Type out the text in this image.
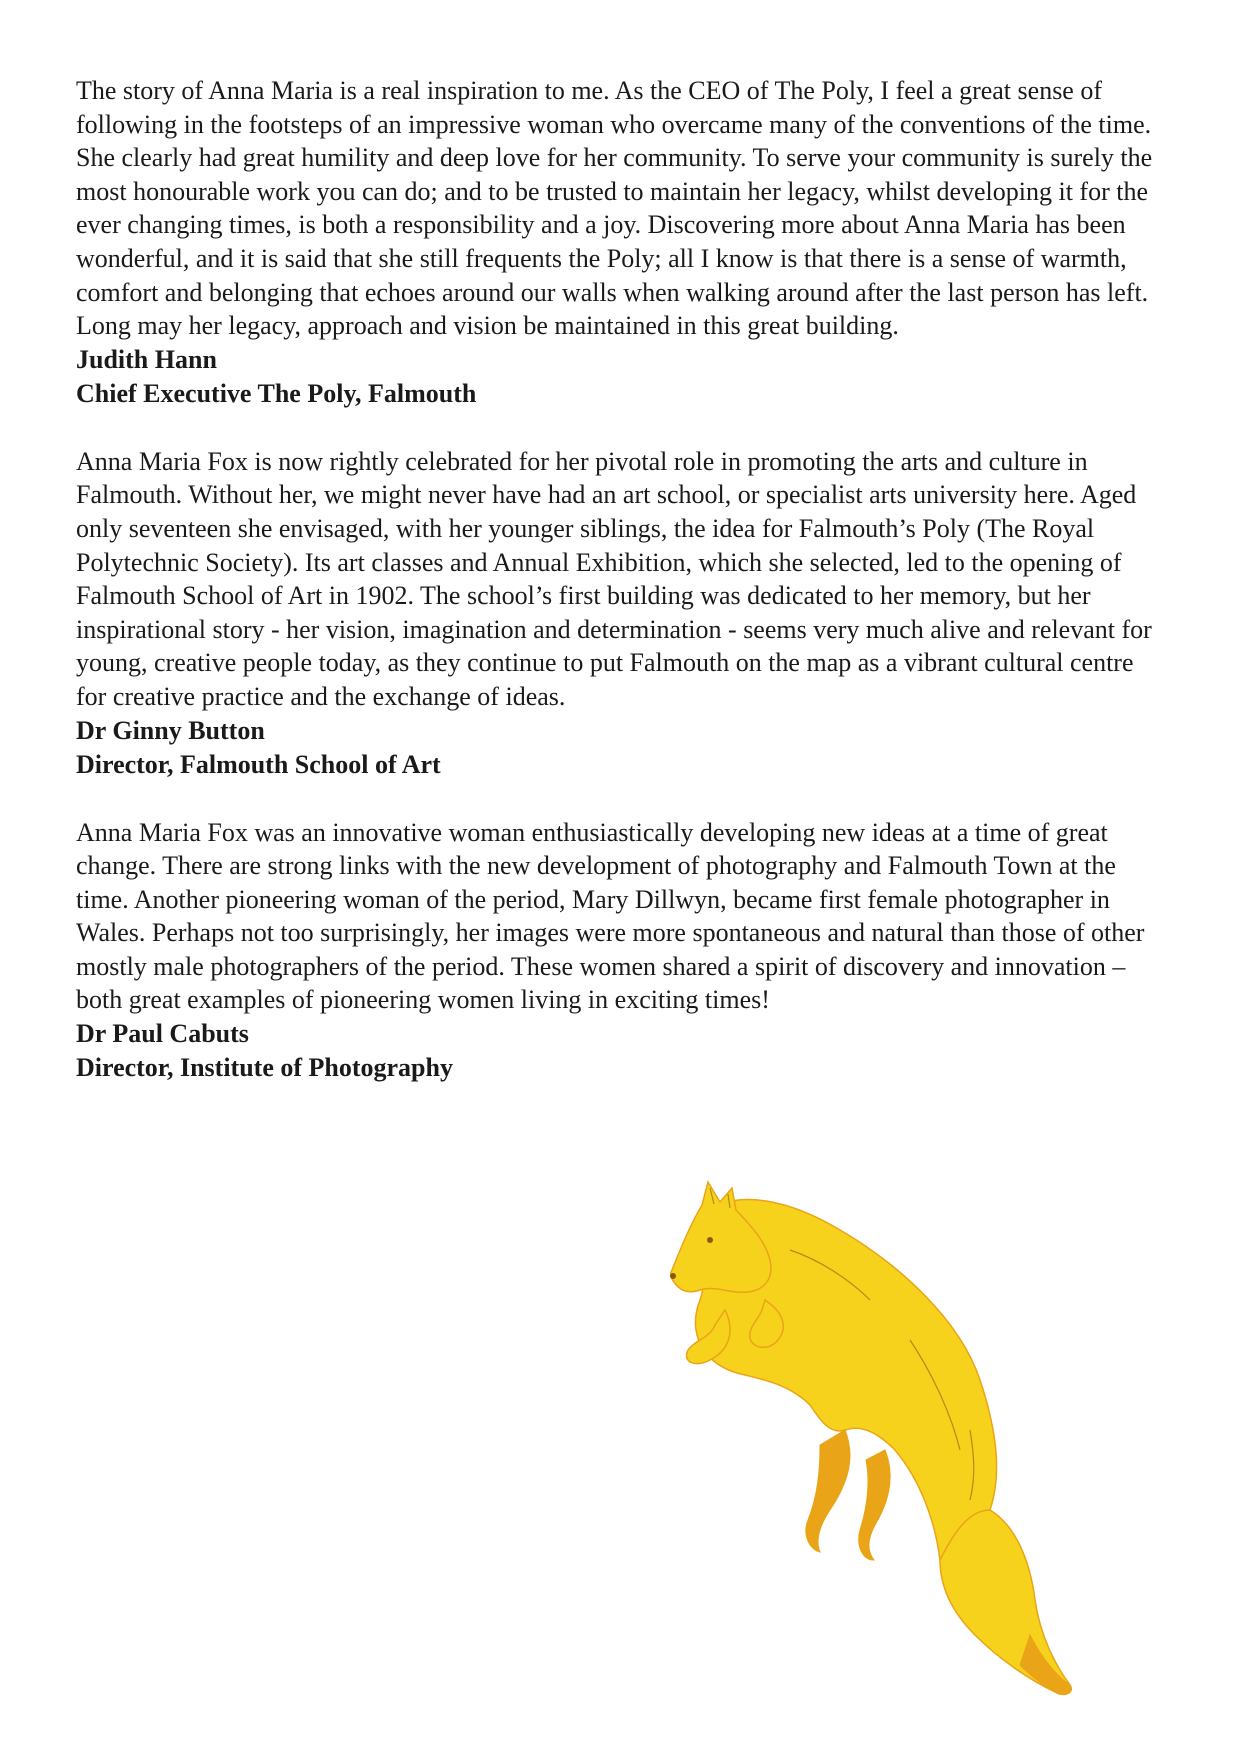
The story of Anna Maria is a real inspiration to me. As the CEO of The Poly, I feel a great sense of following in the footsteps of an impressive woman who overcame many of the conventions of the time. She clearly had great humility and deep love for her community. To serve your community is surely the most honourable work you can do; and to be trusted to maintain her legacy, whilst developing it for the ever changing times, is both a responsibility and a joy. Discovering more about Anna Maria has been wonderful, and it is said that she still frequents the Poly; all I know is that there is a sense of warmth, comfort and belonging that echoes around our walls when walking around after the last person has left. Long may her legacy, approach and vision be maintained in this great building.

Judith Hann

Chief Executive The Poly, Falmouth

Anna Maria Fox is now rightly celebrated for her pivotal role in promoting the arts and culture in Falmouth. Without her, we might never have had an art school, or specialist arts university here. Aged only seventeen she envisaged, with her younger siblings, the idea for Falmouth’s Poly (The Royal Polytechnic Society). Its art classes and Annual Exhibition, which she selected, led to the opening of Falmouth School of Art in 1902. The school’s first building was dedicated to her memory, but her inspirational story - her vision, imagination and determination - seems very much alive and relevant for young, creative people today, as they continue to put Falmouth on the map as a vibrant cultural centre for creative practice and the exchange of ideas.

Dr Ginny Button

Director, Falmouth School of Art

Anna Maria Fox was an innovative woman enthusiastically developing new ideas at a time of great change. There are strong links with the new development of photography and Falmouth Town at the time. Another pioneering woman of the period, Mary Dillwyn, became first female photographer in Wales. Perhaps not too surprisingly, her images were more spontaneous and natural than those of other mostly male photographers of the period. These women shared a spirit of discovery and innovation – both great examples of pioneering women living in exciting times!

Dr Paul Cabuts

Director, Institute of Photography
